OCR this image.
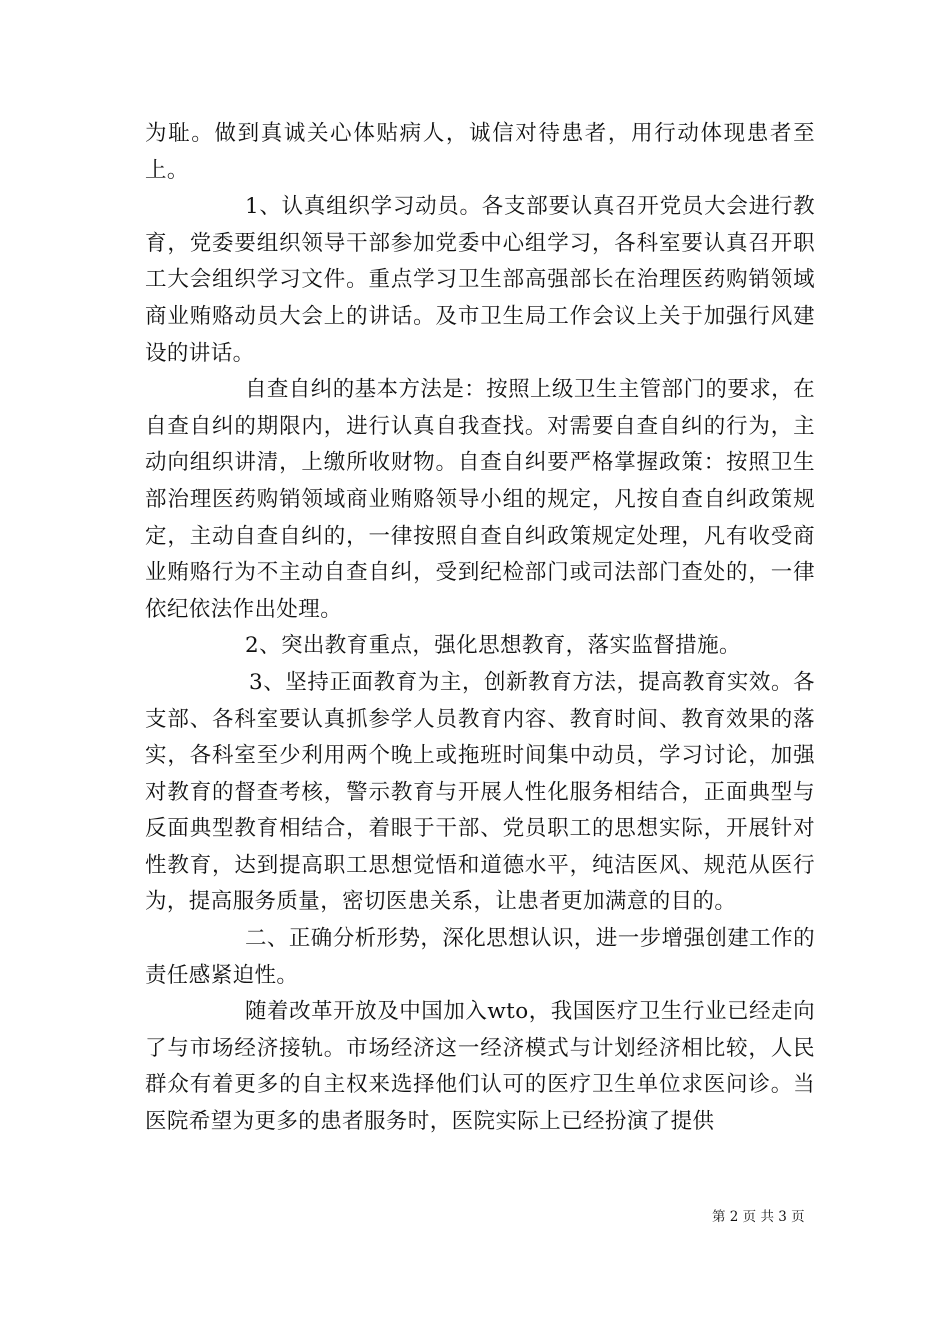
为耻。做到真诚关心体贴病人，诚信对待患者，用行动体现患者至上。

1、认真组织学习动员。各支部要认真召开党员大会进行教育，党委要组织领导干部参加党委中心组学习，各科室要认真召开职工大会组织学习文件。重点学习卫生部高强部长在治理医药购销领域商业贿赂动员大会上的讲话。及市卫生局工作会议上关于加强行风建设的讲话。

自查自纠的基本方法是：按照上级卫生主管部门的要求，在自查自纠的期限内，进行认真自我查找。对需要自查自纠的行为，主动向组织讲清，上缴所收财物。自查自纠要严格掌握政策：按照卫生部治理医药购销领域商业贿赂领导小组的规定，凡按自查自纠政策规定，主动自查自纠的，一律按照自查自纠政策规定处理，凡有收受商业贿赂行为不主动自查自纠，受到纪检部门或司法部门查处的，一律依纪依法作出处理。

2、突出教育重点，强化思想教育，落实监督措施。

3、坚持正面教育为主，创新教育方法，提高教育实效。各支部、各科室要认真抓参学人员教育内容、教育时间、教育效果的落实，各科室至少利用两个晚上或拖班时间集中动员，学习讨论，加强对教育的督查考核，警示教育与开展人性化服务相结合，正面典型与反面典型教育相结合，着眼于干部、党员职工的思想实际，开展针对性教育，达到提高职工思想觉悟和道德水平，纯洁医风、规范从医行为，提高服务质量，密切医患关系，让患者更加满意的目的。

二、正确分析形势，深化思想认识，进一步增强创建工作的责任感紧迫性。

随着改革开放及中国加入wto，我国医疗卫生行业已经走向了与市场经济接轨。市场经济这一经济模式与计划经济相比较，人民群众有着更多的自主权来选择他们认可的医疗卫生单位求医问诊。当医院希望为更多的患者服务时，医院实际上已经扮演了提供

第 2 页 共 3 页
